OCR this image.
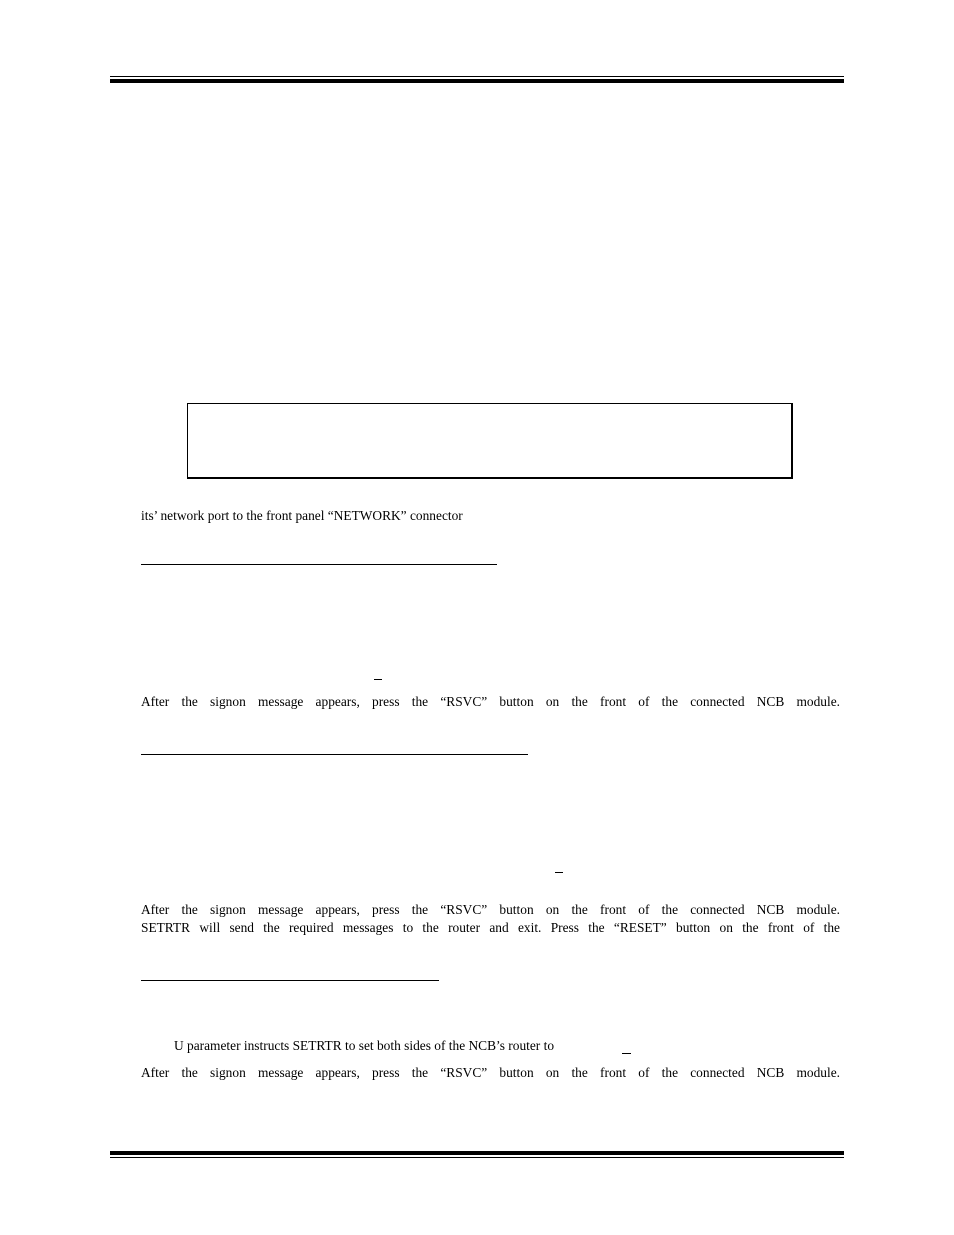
its’ network port to the front panel “NETWORK” connector
After the signon message appears, press the “RSVC” button on the front of the connected NCB module.
After the signon message appears, press the “RSVC” button on the front of the connected NCB module.
SETRTR will send the required messages to the router and exit. Press the “RESET” button on the front of the
U parameter instructs SETRTR to set both sides of the NCB’s router to
After the signon message appears, press the “RSVC” button on the front of the connected NCB module.
